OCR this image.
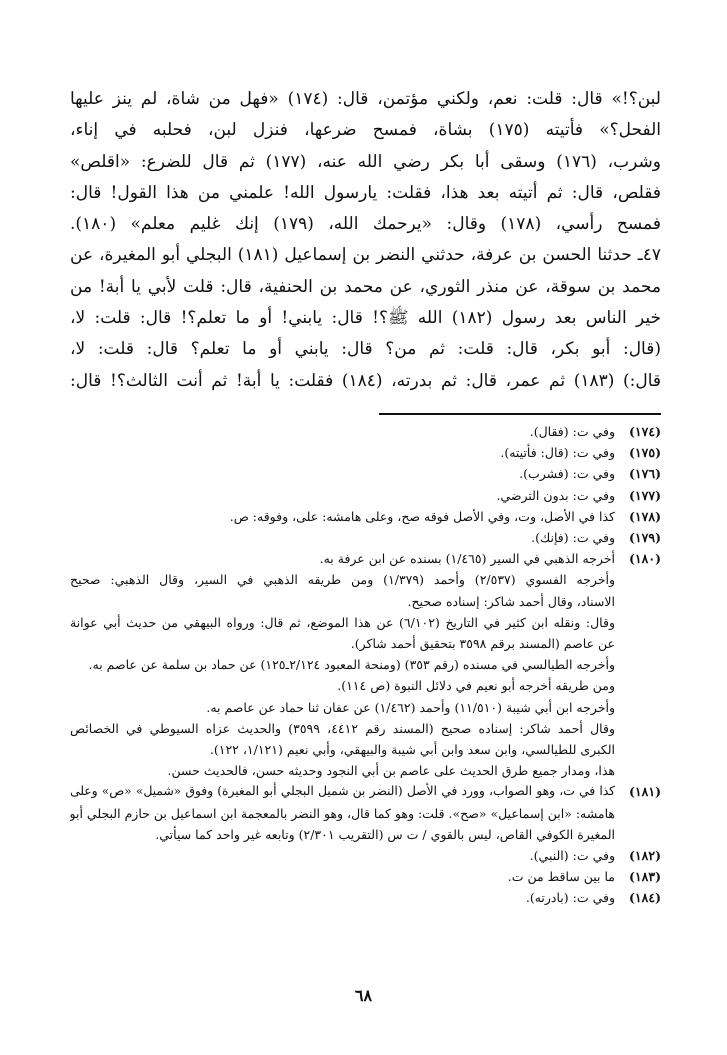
لبن؟!» قال: قلت: نعم، ولكني مؤتمن، قال: (١٧٤) «فهل من شاة، لم ينز عليها
الفحل؟» فأتيته (١٧٥) بشاة، فمسح ضرعها، فنزل لبن، فحلبه في إناء،
وشرب، (١٧٦) وسقى أبا بكر رضي الله عنه، (١٧٧) ثم قال للضرع: «اقلص»
فقلص، قال: ثم أتيته بعد هذا، فقلت: يارسول الله! علمني من هذا القول! قال:
فمسح رأسي، (١٧٨) وقال: «يرحمك الله، (١٧٩) إنك غليم معلم» (١٨٠).
٤٧ـ حدثنا الحسن بن عرفة، حدثني النضر بن إسماعيل (١٨١) البجلي أبو المغيرة، عن
محمد بن سوقة، عن منذر الثوري، عن محمد بن الحنفية، قال: قلت لأبي يا أبة! من
خير الناس بعد رسول (١٨٢) الله ﷺ؟! قال: يابني! أو ما تعلم؟! قال: قلت: لا،
(قال: أبو بكر، قال: قلت: ثم من؟ قال: يابني أو ما تعلم؟ قال: قلت: لا،
قال:) (١٨٣) ثم عمر، قال: ثم بدرته، (١٨٤) فقلت: يا أبة! ثم أنت الثالث؟! قال:
(١٧٤)
وفي ت: (فقال).
(١٧٥)
وفي ت: (قال: فأتيته).
(١٧٦)
وفي ت: (فشرب).
(١٧٧)
وفي ت: بدون الترضي.
(١٧٨)
كذا في الأصل، وت، وفي الأصل فوقه صح، وعلى هامشه: على، وفوقه: ص.
(١٧٩)
وفي ت: (فإنك).
(١٨٠)
أخرجه الذهبي في السير (١/٤٦٥) بسنده عن ابن عرفة به.
وأخرجه الفسوي (٢/٥٣٧) وأحمد (١/٣٧٩) ومن طريقه الذهبي في السير، وقال الذهبي: صحيح
الاسناد، وقال أحمد شاكر: إسناده صحيح.
وقال: ونقله ابن كثير في التاريخ (٦/١٠٢) عن هذا الموضع، ثم قال: ورواه البيهقي من حديث أبي عوانة
عن عاصم (المسند برقم ٣٥٩٨ بتحقيق أحمد شاكر).
وأخرجه الطيالسي في مسنده (رقم ٣٥٣) (ومنحة المعبود ٢/١٢٤ـ١٢٥) عن حماد بن سلمة عن عاصم به.
ومن طريقه أخرجه أبو نعيم في دلائل النبوة (ص ١١٤).
وأخرجه ابن أبي شيبة (١١/٥١٠) وأحمد (١/٤٦٢) عن عفان ثنا حماد عن عاصم به.
وقال أحمد شاكر: إسناده صحيح (المسند رقم ٤٤١٢، ٣٥٩٩) والحديث عزاه السيوطي في الخصائص
الكبرى للطيالسي، وابن سعد وابن أبي شيبة والبيهقي، وأبي نعيم (١/١٢١، ١٢٢).
هذا، ومدار جميع طرق الحديث على عاصم بن أبي النجود وحديثه حسن، فالحديث حسن.
(١٨١)
كذا في ت، وهو الصواب، وورد في الأصل (النضر بن شميل البجلي أبو المغيرة) وفوق «شميل» «ص» وعلى
هامشه: «ابن إسماعيل» «صح». قلت: وهو كما قال، وهو النضر بالمعجمة ابن اسماعيل بن حازم البجلي أبو
المغيرة الكوفي القاص، ليس بالقوي / ت س (التقريب ٢/٣٠١) وتابعه غير واحد كما سيأتي.
(١٨٢)
وفي ت: (النبي).
(١٨٣)
ما بين ساقط من ت.
(١٨٤)
وفي ت: (بادرته).
٦٨
